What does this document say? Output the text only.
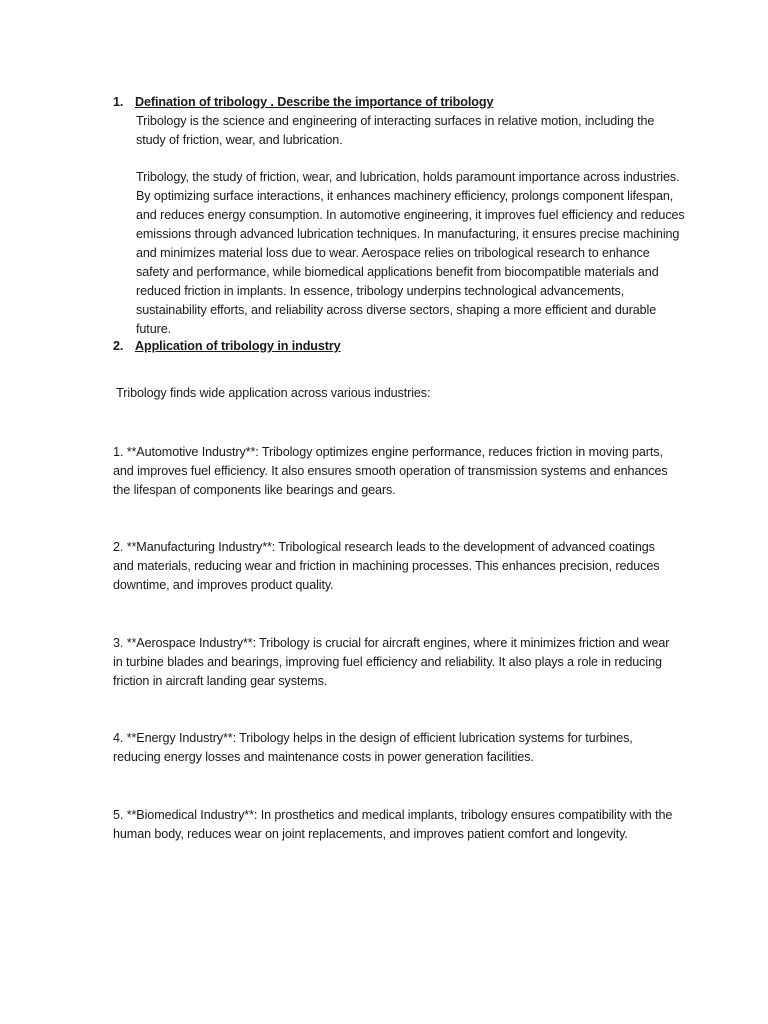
1. Defination of tribology . Describe the importance of tribology

Tribology is the science and engineering of interacting surfaces in relative motion, including the study of friction, wear, and lubrication.

Tribology, the study of friction, wear, and lubrication, holds paramount importance across industries. By optimizing surface interactions, it enhances machinery efficiency, prolongs component lifespan, and reduces energy consumption. In automotive engineering, it improves fuel efficiency and reduces emissions through advanced lubrication techniques. In manufacturing, it ensures precise machining and minimizes material loss due to wear. Aerospace relies on tribological research to enhance safety and performance, while biomedical applications benefit from biocompatible materials and reduced friction in implants. In essence, tribology underpins technological advancements, sustainability efforts, and reliability across diverse sectors, shaping a more efficient and durable future.

2. Application of tribology in industry

Tribology finds wide application across various industries:

1. **Automotive Industry**: Tribology optimizes engine performance, reduces friction in moving parts, and improves fuel efficiency. It also ensures smooth operation of transmission systems and enhances the lifespan of components like bearings and gears.

2. **Manufacturing Industry**: Tribological research leads to the development of advanced coatings and materials, reducing wear and friction in machining processes. This enhances precision, reduces downtime, and improves product quality.

3. **Aerospace Industry**: Tribology is crucial for aircraft engines, where it minimizes friction and wear in turbine blades and bearings, improving fuel efficiency and reliability. It also plays a role in reducing friction in aircraft landing gear systems.

4. **Energy Industry**: Tribology helps in the design of efficient lubrication systems for turbines, reducing energy losses and maintenance costs in power generation facilities.

5. **Biomedical Industry**: In prosthetics and medical implants, tribology ensures compatibility with the human body, reduces wear on joint replacements, and improves patient comfort and longevity.
